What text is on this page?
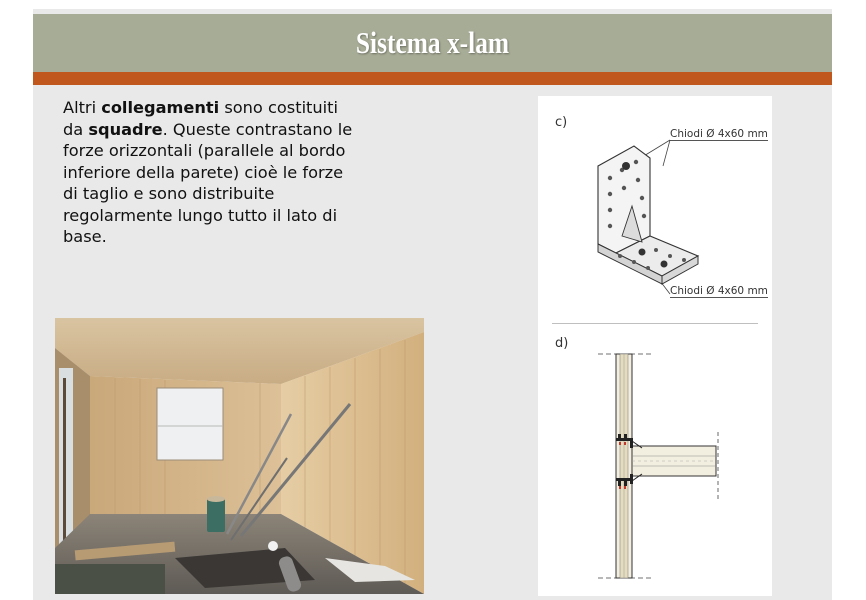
Sistema x-lam
Altri collegamenti sono costituiti da squadre. Queste contrastano le forze orizzontali (parallele al bordo inferiore della parete) cioè le forze di taglio e sono distribuite regolarmente lungo tutto il lato di base.
c)
Chiodi Ø 4x60 mm
Chiodi Ø 4x60 mm
d)
